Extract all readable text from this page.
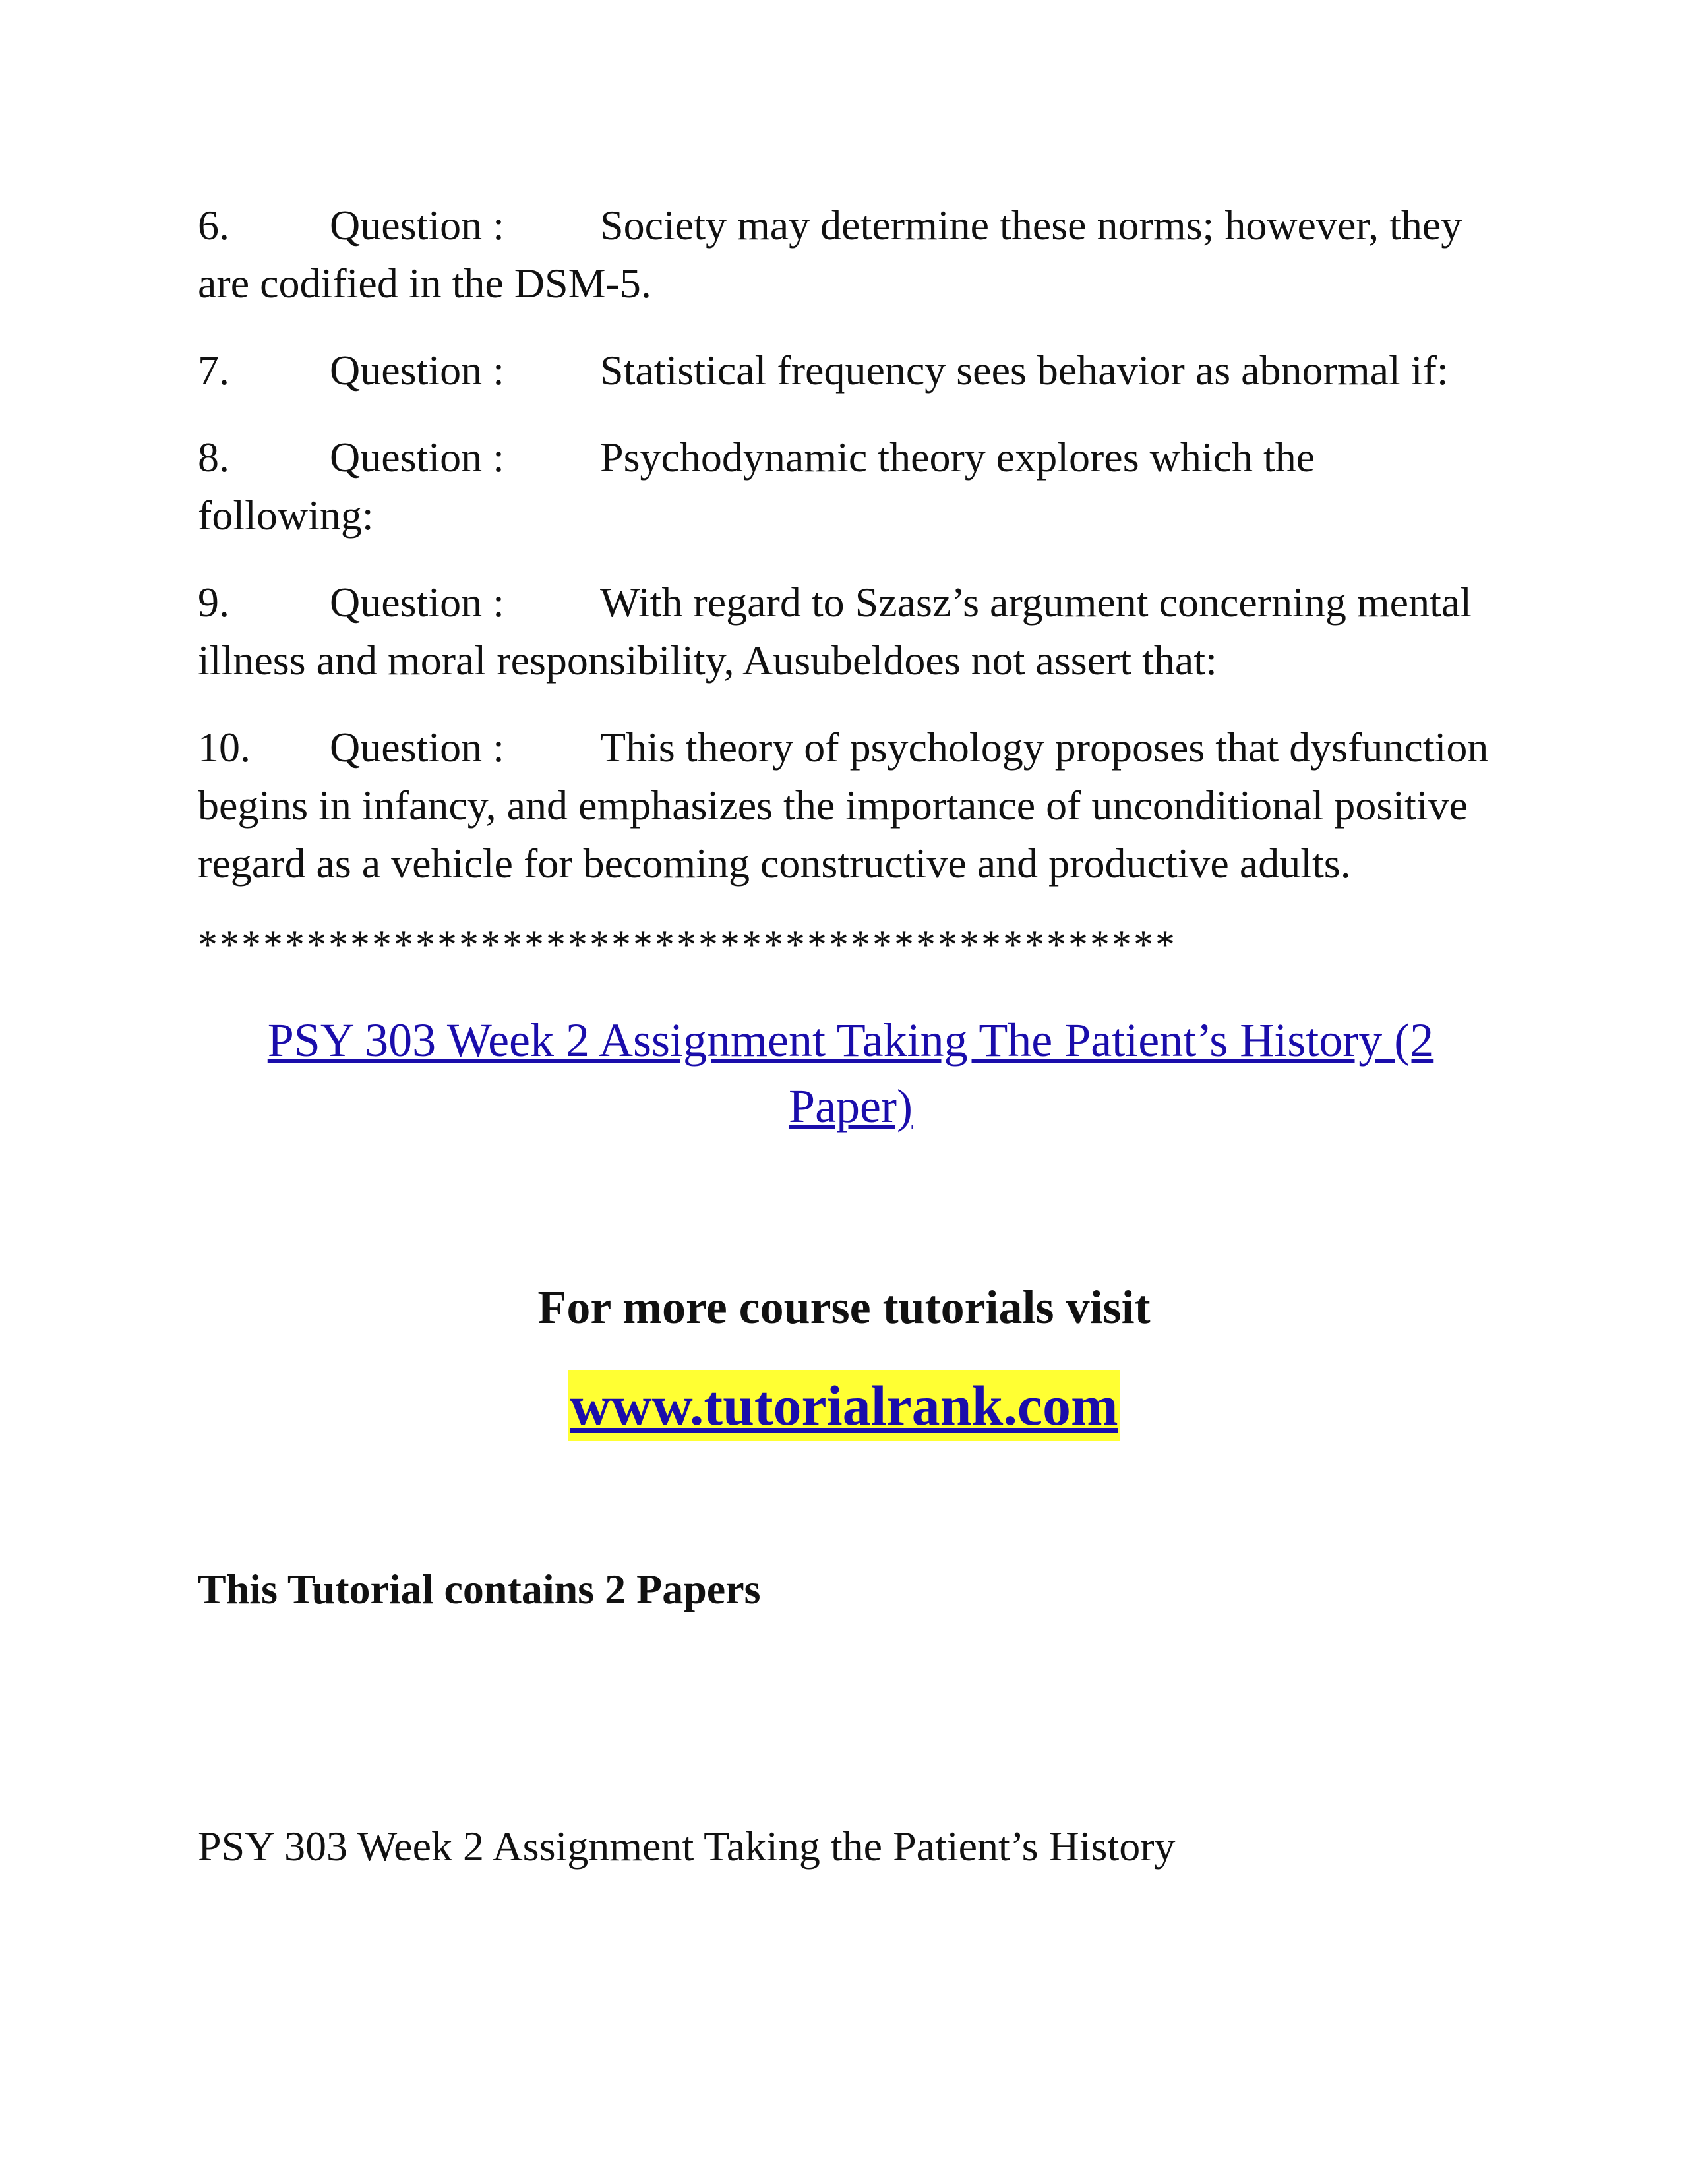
6. Question : Society may determine these norms; however, they are codified in the DSM-5.
7. Question : Statistical frequency sees behavior as abnormal if:
8. Question : Psychodynamic theory explores which the following:
9. Question : With regard to Szasz’s argument concerning mental illness and moral responsibility, Ausubeldoes not assert that:
10. Question : This theory of psychology proposes that dysfunction begins in infancy, and emphasizes the importance of unconditional positive regard as a vehicle for becoming constructive and productive adults.
*********************************************
PSY 303 Week 2 Assignment Taking The Patient’s History (2 Paper)
For more course tutorials visit
www.tutorialrank.com
This Tutorial contains 2 Papers
PSY 303 Week 2 Assignment Taking the Patient’s History
